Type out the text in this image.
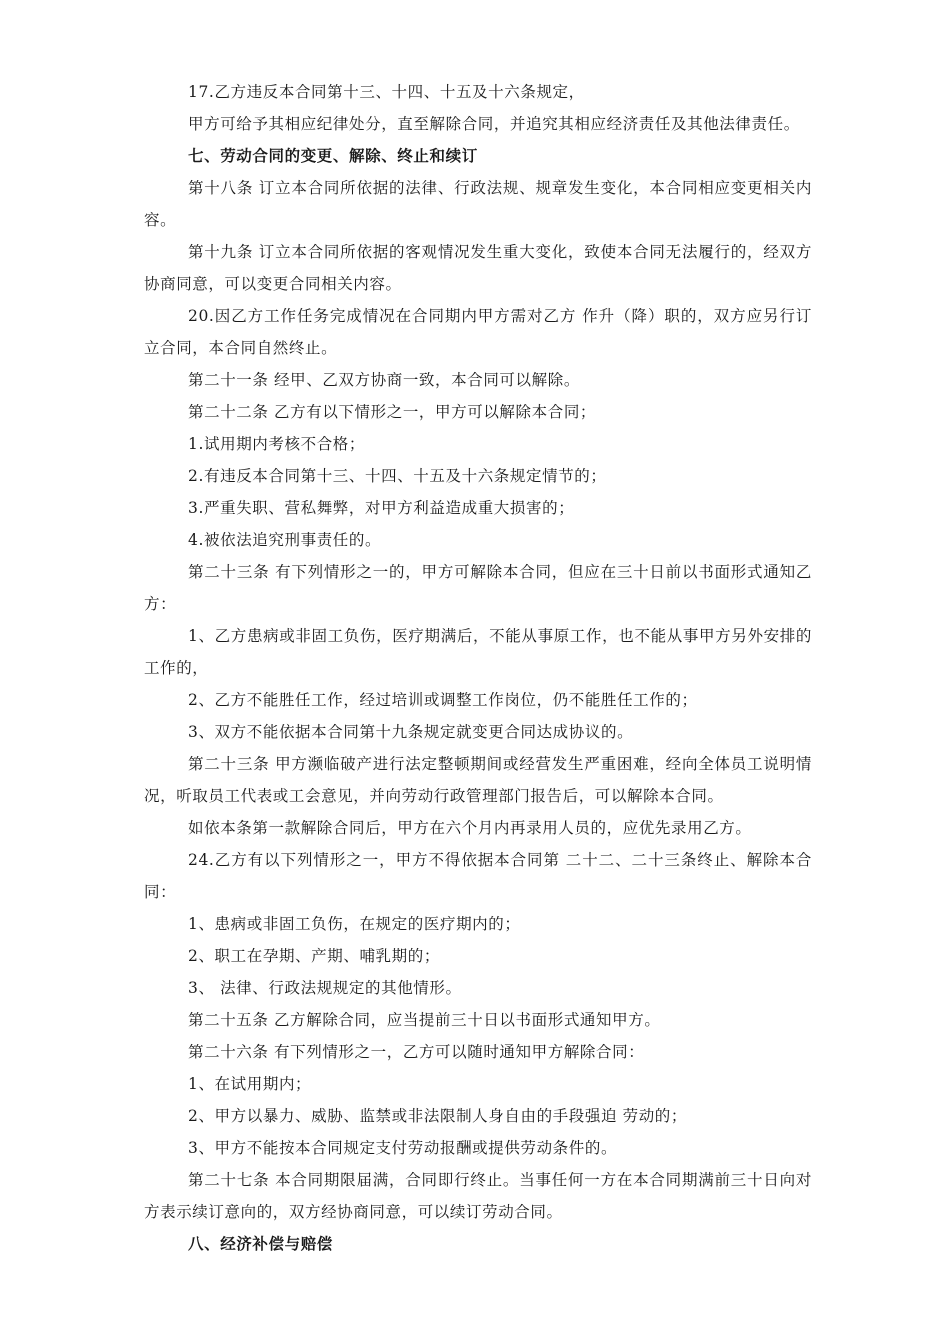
17.乙方违反本合同第十三、十四、十五及十六条规定，

甲方可给予其相应纪律处分，直至解除合同，并追究其相应经济责任及其他法律责任。

七、劳动合同的变更、解除、终止和续订

第十八条 订立本合同所依据的法律、行政法规、规章发生变化，本合同相应变更相关内容。

第十九条 订立本合同所依据的客观情况发生重大变化，致使本合同无法履行的，经双方协商同意，可以变更合同相关内容。

20.因乙方工作任务完成情况在合同期内甲方需对乙方 作升（降）职的，双方应另行订立合同，本合同自然终止。

第二十一条 经甲、乙双方协商一致，本合同可以解除。

第二十二条 乙方有以下情形之一，甲方可以解除本合同；

1.试用期内考核不合格；

2.有违反本合同第十三、十四、十五及十六条规定情节的；

3.严重失职、营私舞弊，对甲方利益造成重大损害的；

4.被依法追究刑事责任的。

第二十三条 有下列情形之一的，甲方可解除本合同，但应在三十日前以书面形式通知乙方：

1、乙方患病或非固工负伤，医疗期满后，不能从事原工作，也不能从事甲方另外安排的工作的，

2、乙方不能胜任工作，经过培训或调整工作岗位，仍不能胜任工作的；

3、双方不能依据本合同第十九条规定就变更合同达成协议的。

第二十三条 甲方濒临破产进行法定整顿期间或经营发生严重困难，经向全体员工说明情况，听取员工代表或工会意见，并向劳动行政管理部门报告后，可以解除本合同。

如依本条第一款解除合同后，甲方在六个月内再录用人员的，应优先录用乙方。

24.乙方有以下列情形之一，甲方不得依据本合同第 二十二、二十三条终止、解除本合同：

1、患病或非固工负伤，在规定的医疗期内的；

2、职工在孕期、产期、哺乳期的；

3、 法律、行政法规规定的其他情形。

第二十五条 乙方解除合同，应当提前三十日以书面形式通知甲方。

第二十六条 有下列情形之一，乙方可以随时通知甲方解除合同：

1、在试用期内；

2、甲方以暴力、威胁、监禁或非法限制人身自由的手段强迫 劳动的；

3、甲方不能按本合同规定支付劳动报酬或提供劳动条件的。

第二十七条 本合同期限届满，合同即行终止。当事任何一方在本合同期满前三十日向对方表示续订意向的，双方经协商同意，可以续订劳动合同。

八、经济补偿与赔偿
